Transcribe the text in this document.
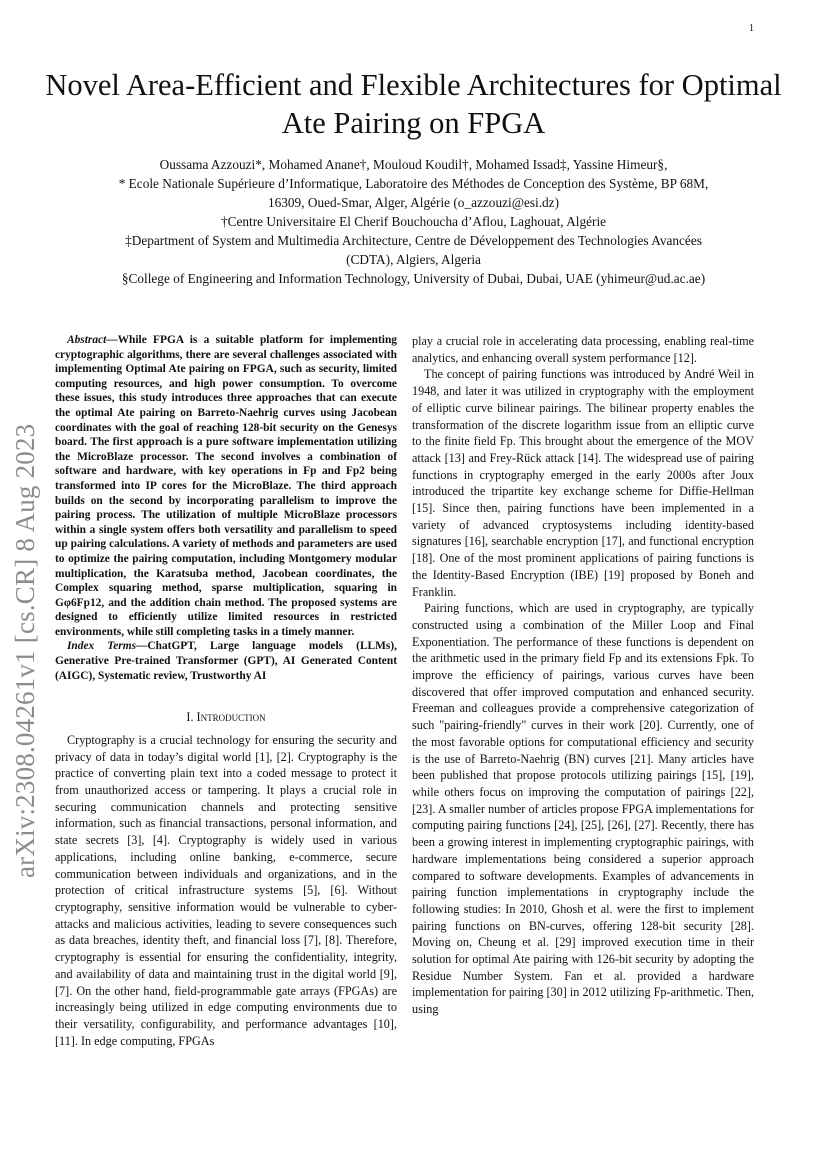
1
arXiv:2308.04261v1 [cs.CR] 8 Aug 2023
Novel Area-Efficient and Flexible Architectures for Optimal Ate Pairing on FPGA
Oussama Azzouzi*, Mohamed Anane†, Mouloud Koudil†, Mohamed Issad‡, Yassine Himeur§,
* Ecole Nationale Supérieure d’Informatique, Laboratoire des Méthodes de Conception des Système, BP 68M,
16309, Oued-Smar, Alger, Algérie (o_azzouzi@esi.dz)
†Centre Universitaire El Cherif Bouchoucha d’Aflou, Laghouat, Algérie
‡Department of System and Multimedia Architecture, Centre de Développement des Technologies Avancées
(CDTA), Algiers, Algeria
§College of Engineering and Information Technology, University of Dubai, Dubai, UAE (yhimeur@ud.ac.ae)

Abstract—While FPGA is a suitable platform for implementing cryptographic algorithms, there are several challenges associated with implementing Optimal Ate pairing on FPGA, such as security, limited computing resources, and high power consumption. To overcome these issues, this study introduces three approaches that can execute the optimal Ate pairing on Barreto-Naehrig curves using Jacobean coordinates with the goal of reaching 128-bit security on the Genesys board. The first approach is a pure software implementation utilizing the MicroBlaze processor. The second involves a combination of software and hardware, with key operations in Fp and Fp2 being transformed into IP cores for the MicroBlaze. The third approach builds on the second by incorporating parallelism to improve the pairing process. The utilization of multiple MicroBlaze processors within a single system offers both versatility and parallelism to speed up pairing calculations. A variety of methods and parameters are used to optimize the pairing computation, including Montgomery modular multiplication, the Karatsuba method, Jacobean coordinates, the Complex squaring method, sparse multiplication, squaring in Gφ6Fp12, and the addition chain method. The proposed systems are designed to efficiently utilize limited resources in restricted environments, while still completing tasks in a timely manner.

Index Terms—ChatGPT, Large language models (LLMs), Generative Pre-trained Transformer (GPT), AI Generated Content (AIGC), Systematic review, Trustworthy AI

I. Introduction

Cryptography is a crucial technology for ensuring the security and privacy of data in today’s digital world [1], [2]. Cryptography is the practice of converting plain text into a coded message to protect it from unauthorized access or tampering. It plays a crucial role in securing communication channels and protecting sensitive information, such as financial transactions, personal information, and state secrets [3], [4]. Cryptography is widely used in various applications, including online banking, e-commerce, secure communication between individuals and organizations, and in the protection of critical infrastructure systems [5], [6]. Without cryptography, sensitive information would be vulnerable to cyber-attacks and malicious activities, leading to severe consequences such as data breaches, identity theft, and financial loss [7], [8]. Therefore, cryptography is essential for ensuring the confidentiality, integrity, and availability of data and maintaining trust in the digital world [9], [7]. On the other hand, field-programmable gate arrays (FPGAs) are increasingly being utilized in edge computing environments due to their versatility, configurability, and performance advantages [10], [11]. In edge computing, FPGAs

play a crucial role in accelerating data processing, enabling real-time analytics, and enhancing overall system performance [12].

The concept of pairing functions was introduced by André Weil in 1948, and later it was utilized in cryptography with the employment of elliptic curve bilinear pairings. The bilinear property enables the transformation of the discrete logarithm issue from an elliptic curve to the finite field Fp. This brought about the emergence of the MOV attack [13] and Frey-Rück attack [14]. The widespread use of pairing functions in cryptography emerged in the early 2000s after Joux introduced the tripartite key exchange scheme for Diffie-Hellman [15]. Since then, pairing functions have been implemented in a variety of advanced cryptosystems including identity-based signatures [16], searchable encryption [17], and functional encryption [18]. One of the most prominent applications of pairing functions is the Identity-Based Encryption (IBE) [19] proposed by Boneh and Franklin.

Pairing functions, which are used in cryptography, are typically constructed using a combination of the Miller Loop and Final Exponentiation. The performance of these functions is dependent on the arithmetic used in the primary field Fp and its extensions Fpk. To improve the efficiency of pairings, various curves have been discovered that offer improved computation and enhanced security. Freeman and colleagues provide a comprehensive categorization of such "pairing-friendly" curves in their work [20]. Currently, one of the most favorable options for computational efficiency and security is the use of Barreto-Naehrig (BN) curves [21]. Many articles have been published that propose protocols utilizing pairings [15], [19], while others focus on improving the computation of pairings [22], [23]. A smaller number of articles propose FPGA implementations for computing pairing functions [24], [25], [26], [27]. Recently, there has been a growing interest in implementing cryptographic pairings, with hardware implementations being considered a superior approach compared to software developments. Examples of advancements in pairing function implementations in cryptography include the following studies: In 2010, Ghosh et al. were the first to implement pairing functions on BN-curves, offering 128-bit security [28]. Moving on, Cheung et al. [29] improved execution time in their solution for optimal Ate pairing with 126-bit security by adopting the Residue Number System. Fan et al. provided a hardware implementation for pairing [30] in 2012 utilizing Fp-arithmetic. Then, using
